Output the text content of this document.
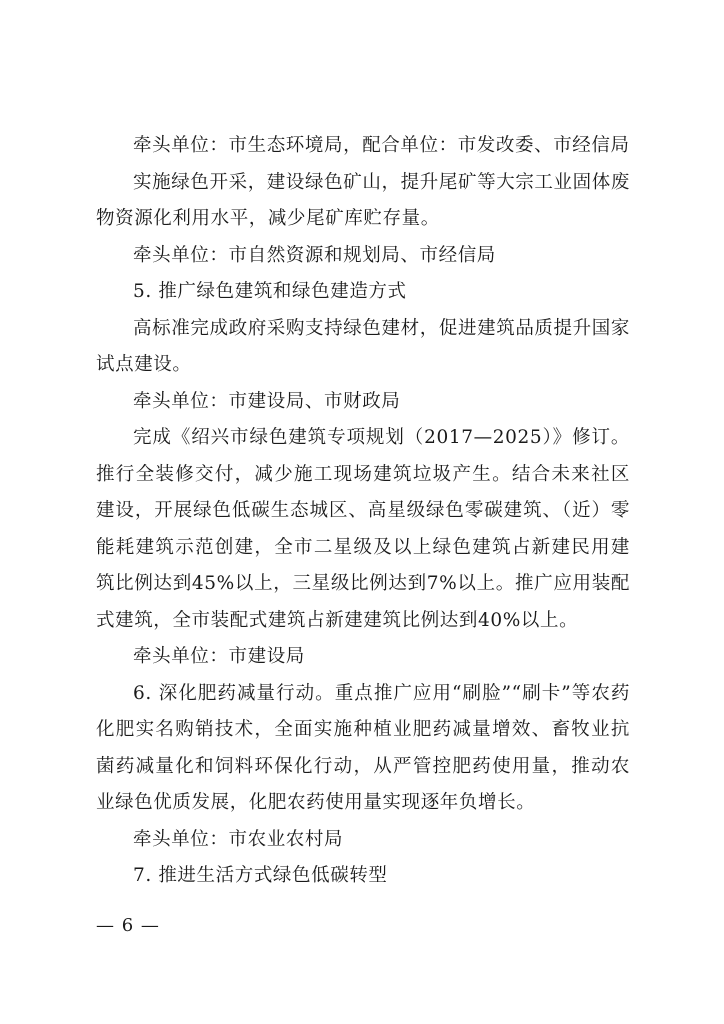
牵头单位：市生态环境局，配合单位：市发改委、市经信局

实施绿色开采，建设绿色矿山，提升尾矿等大宗工业固体废物资源化利用水平，减少尾矿库贮存量。

牵头单位：市自然资源和规划局、市经信局

5. 推广绿色建筑和绿色建造方式

高标准完成政府采购支持绿色建材，促进建筑品质提升国家试点建设。

牵头单位：市建设局、市财政局

完成《绍兴市绿色建筑专项规划（2017—2025）》修订。推行全装修交付，减少施工现场建筑垃圾产生。结合未来社区建设，开展绿色低碳生态城区、高星级绿色零碳建筑、（近）零能耗建筑示范创建，全市二星级及以上绿色建筑占新建民用建筑比例达到45%以上，三星级比例达到7%以上。推广应用装配式建筑，全市装配式建筑占新建建筑比例达到40%以上。

牵头单位：市建设局

6. 深化肥药减量行动。重点推广应用“刷脸”“刷卡”等农药化肥实名购销技术，全面实施种植业肥药减量增效、畜牧业抗菌药减量化和饲料环保化行动，从严管控肥药使用量，推动农业绿色优质发展，化肥农药使用量实现逐年负增长。

牵头单位：市农业农村局

7. 推进生活方式绿色低碳转型

— 6 —
